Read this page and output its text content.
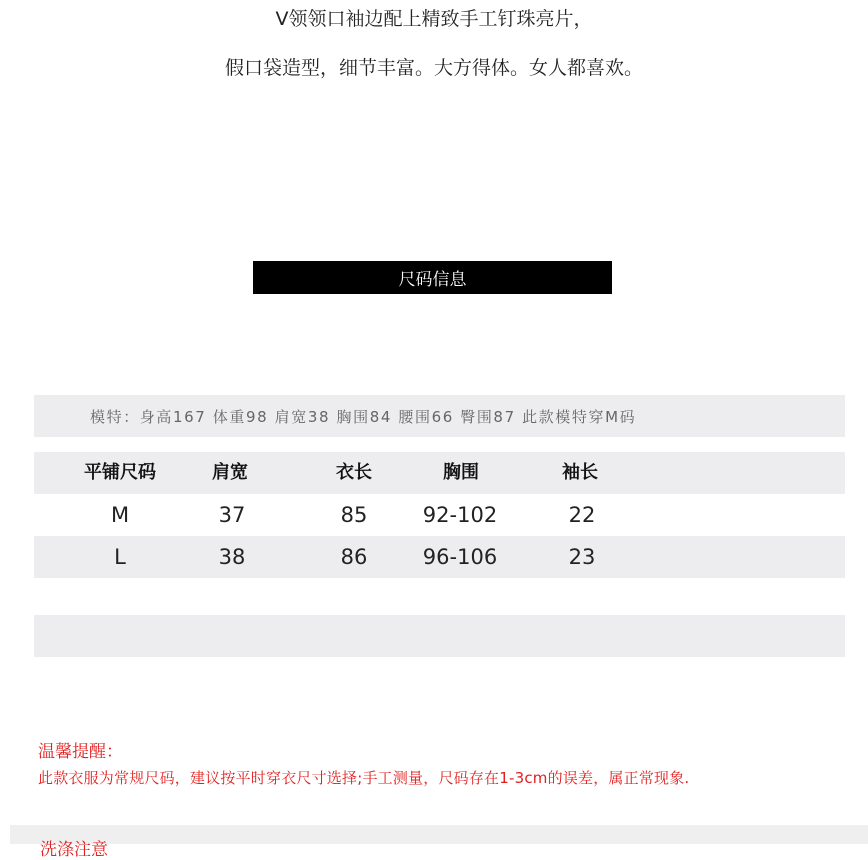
V领领口袖边配上精致手工钉珠亮片，
假口袋造型，细节丰富。大方得体。女人都喜欢。
尺码信息
模特：身高167 体重98 肩宽38 胸围84 腰围66 臀围87 此款模特穿M码
平铺尺码	肩宽	衣长	胸围	袖长
M	37	85	92-102	22
L	38	86	96-106	23
温馨提醒：
此款衣服为常规尺码，建议按平时穿衣尺寸选择;手工测量，尺码存在1-3cm的误差，属正常现象.
洗涤注意
